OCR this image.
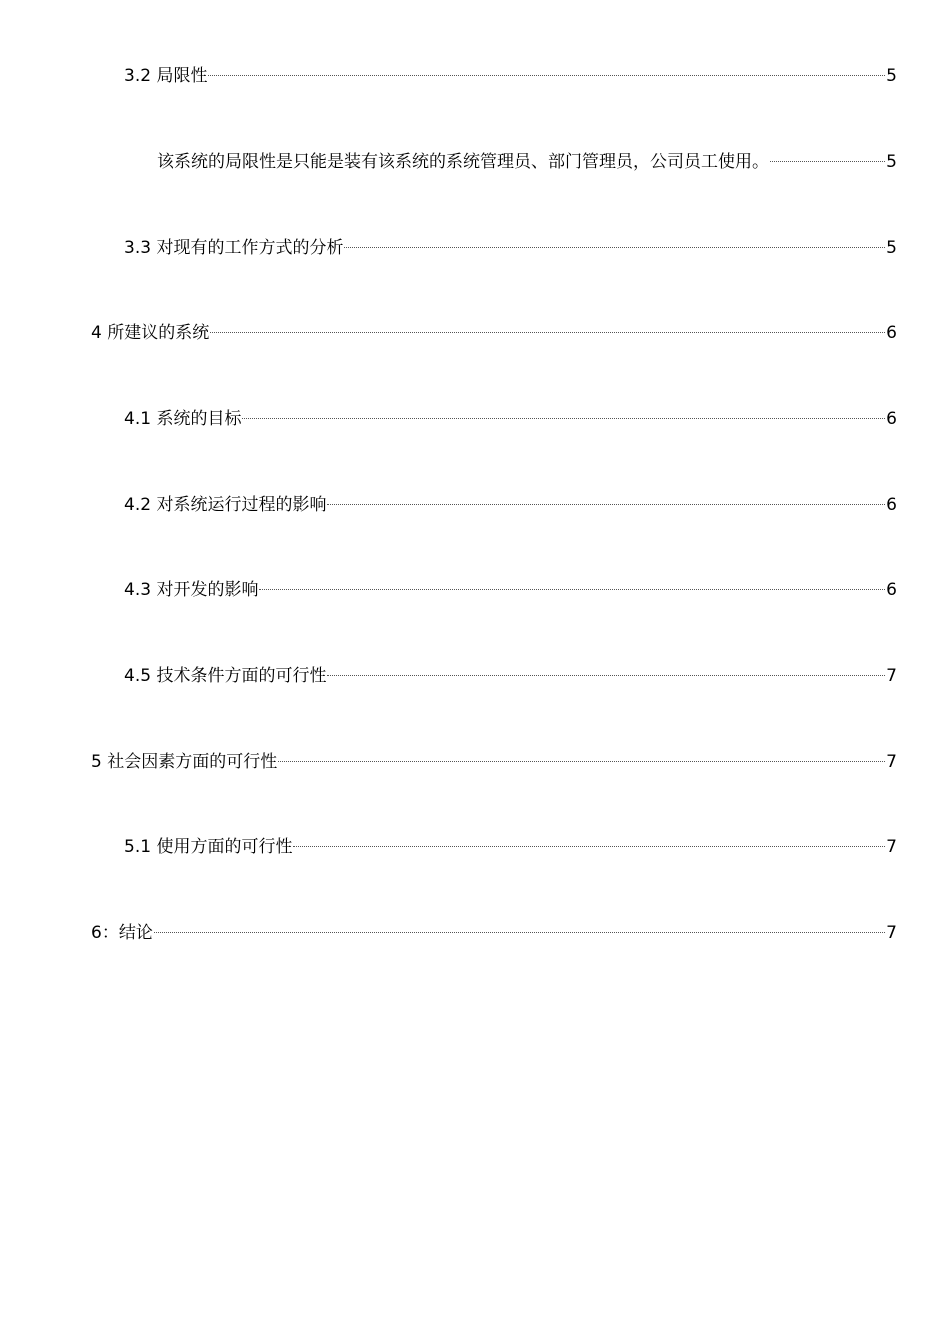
3.2 局限性	5
该系统的局限性是只能是装有该系统的系统管理员、部门管理员，公司员工使用。	5
3.3 对现有的工作方式的分析	5
4 所建议的系统	6
4.1 系统的目标	6
4.2 对系统运行过程的影响	6
4.3 对开发的影响	6
4.5 技术条件方面的可行性	7
5 社会因素方面的可行性	7
5.1 使用方面的可行性	7
6：结论	7
